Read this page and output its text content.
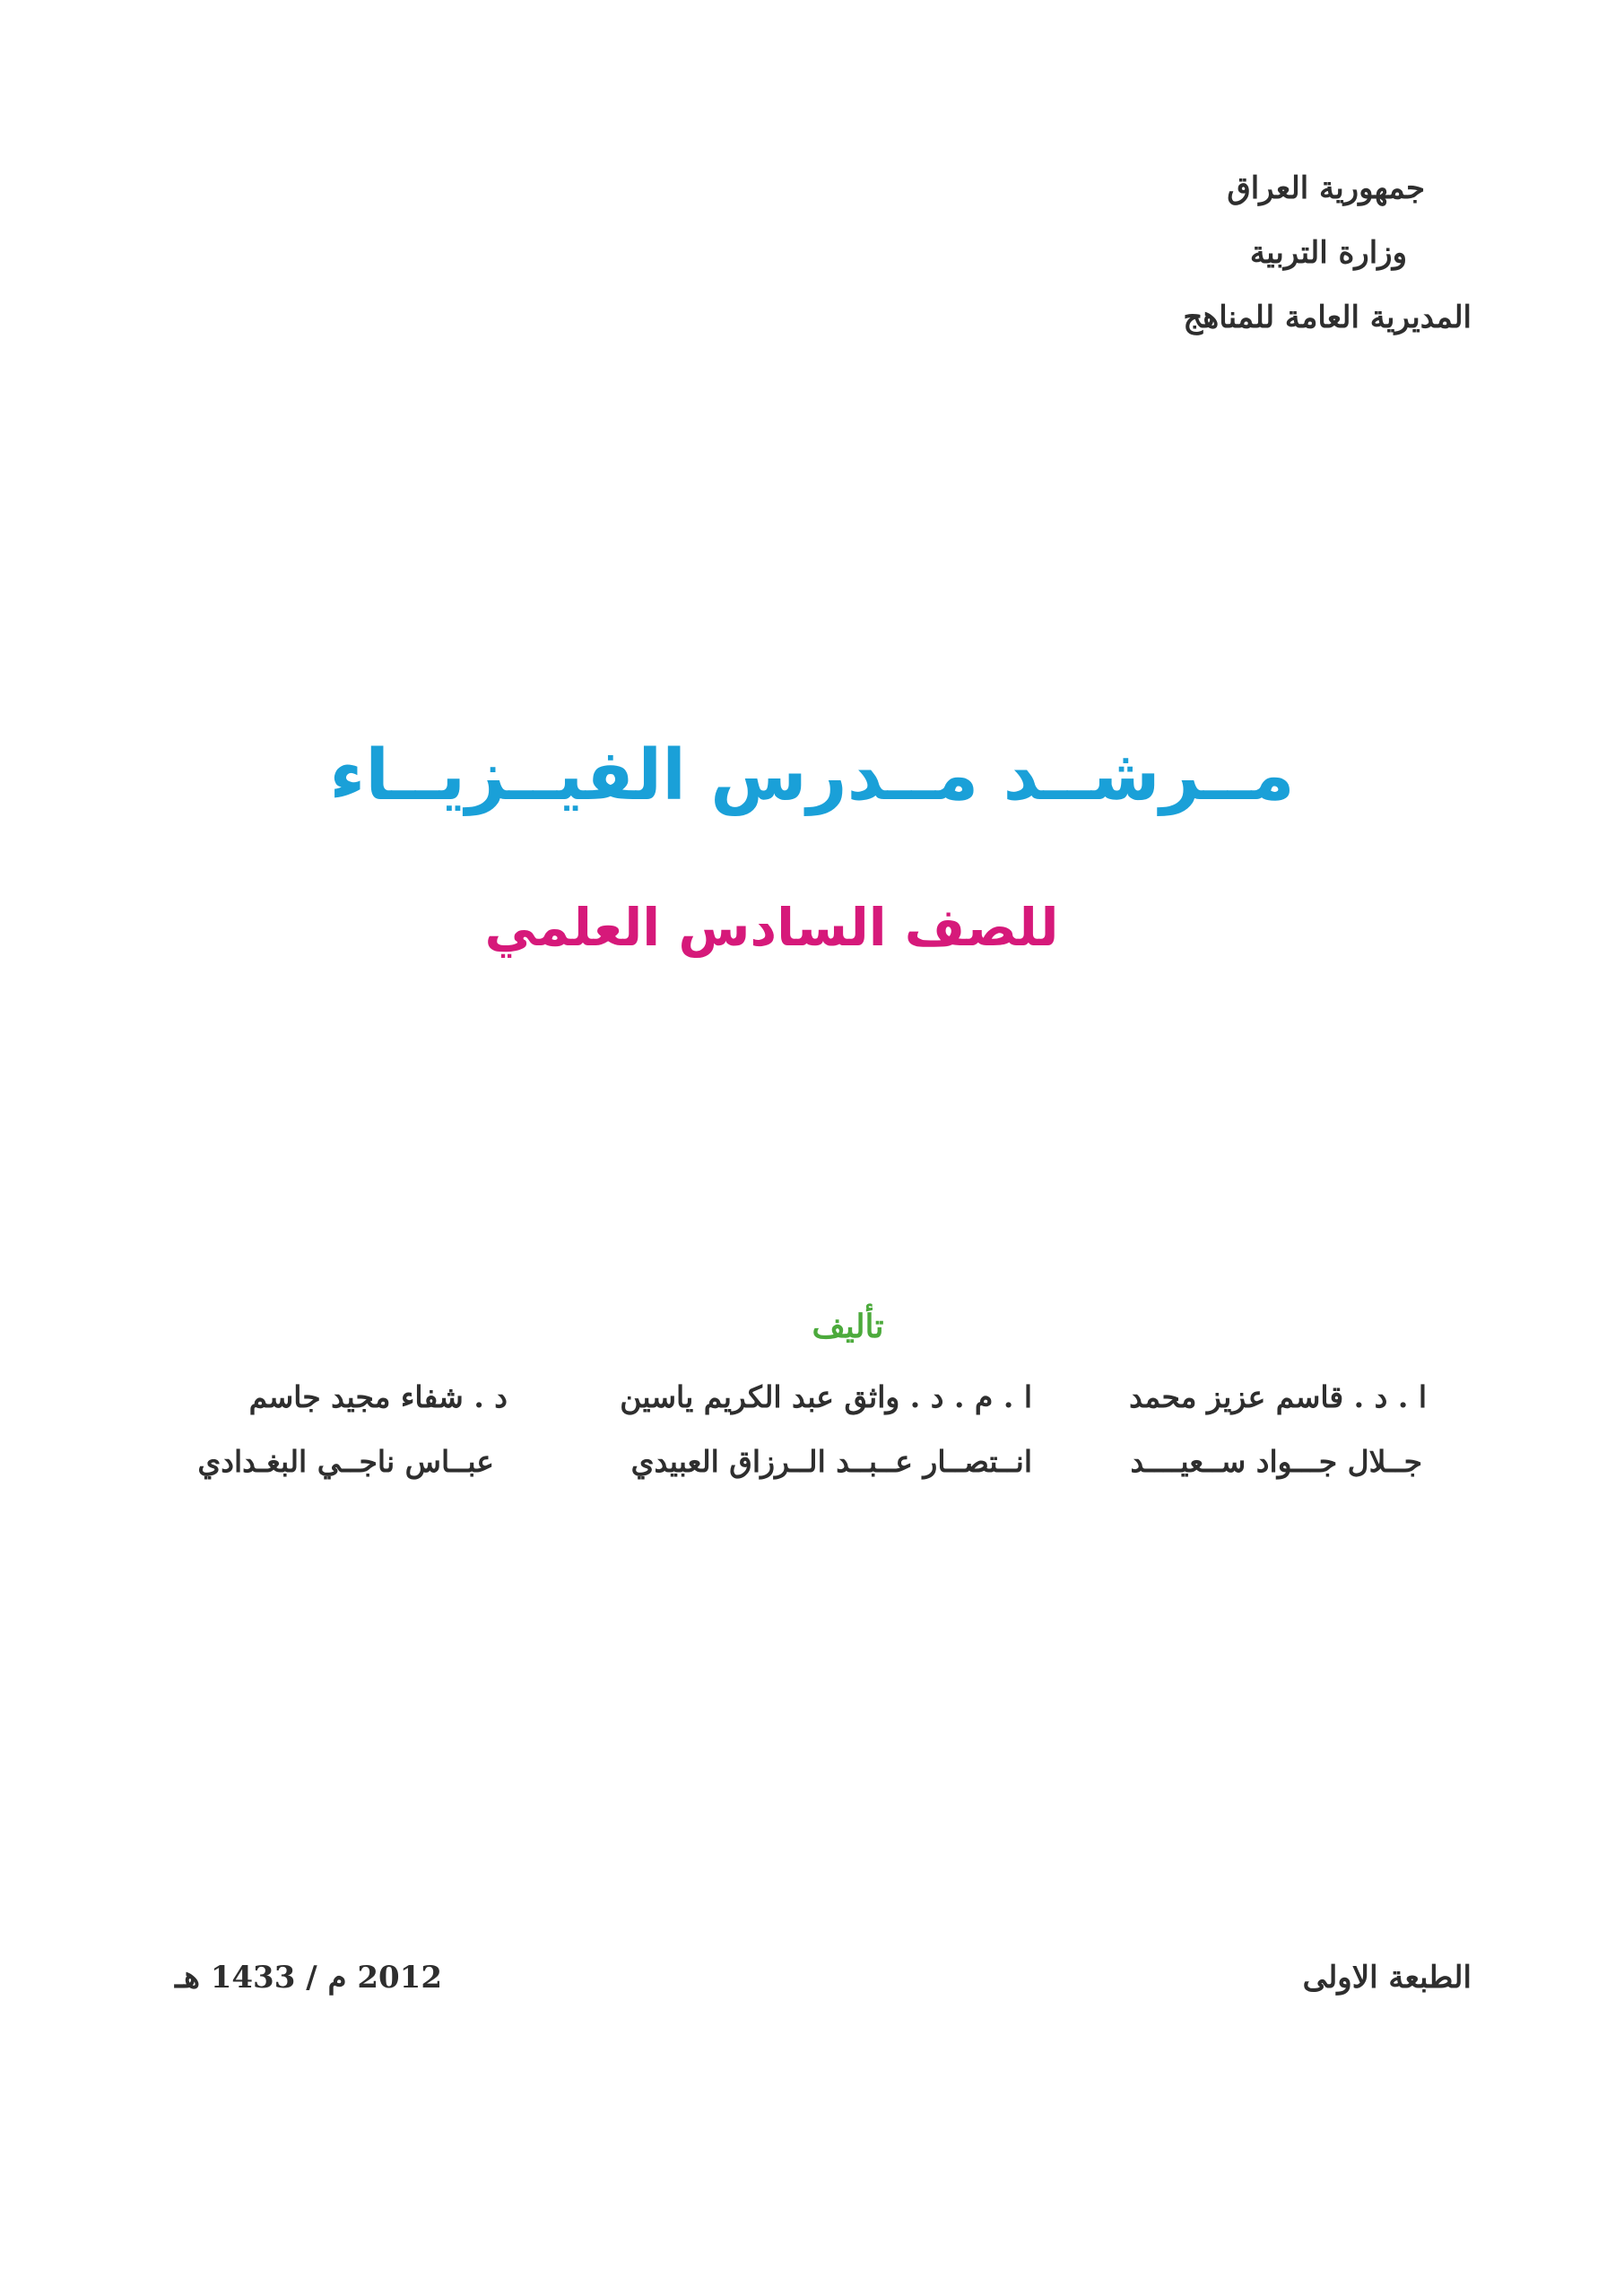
جمهورية العراق
وزارة التربية
المديرية العامة للمناهج
مــرشــد مــدرس الفيــزيــاء
للصف السادس العلمي
تأليف
ا . د . قاسم عزيز محمد
ا . م . د . واثق عبد الكريم ياسين
د . شفاء مجيد جاسم
جــلال جـــواد ســعيــــد
انــتصــار عــبــد الــرزاق العبيدي
عبــاس ناجــي البغـدادي
الطبعة الاولى
2012 م / 1433 هـ
